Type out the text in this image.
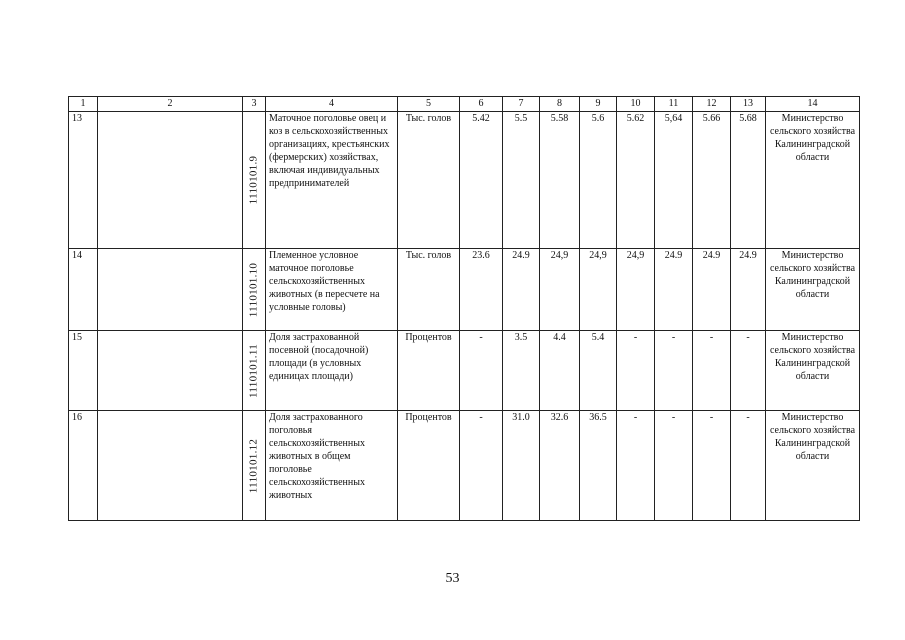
1	2	3	4	5	6	7	8	9	10	11	12	13	14
13		1110101.9	Маточное поголовье овец и коз в сельскохозяйственных организациях, крестьянских (фермерских) хозяйствах, включая индивидуальных предпринимателей	Тыс. голов	5.42	5.5	5.58	5.6	5.62	5,64	5.66	5.68	Министерство сельского хозяйства Калининградской области
14		1110101.10	Племенное условное маточное поголовье сельскохозяйственных животных (в пересчете на условные головы)	Тыс. голов	23.6	24.9	24,9	24,9	24,9	24.9	24.9	24.9	Министерство сельского хозяйства Калининградской области
15		1110101.11	Доля застрахованной посевной (посадочной) площади (в условных единицах площади)	Процентов	-	3.5	4.4	5.4	-	-	-	-	Министерство сельского хозяйства Калининградской области
16		1110101.12	Доля застрахованного поголовья сельскохозяйственных животных в общем поголовье сельскохозяйственных животных	Процентов	-	31.0	32.6	36.5	-	-	-	-	Министерство сельского хозяйства Калининградской области
53
